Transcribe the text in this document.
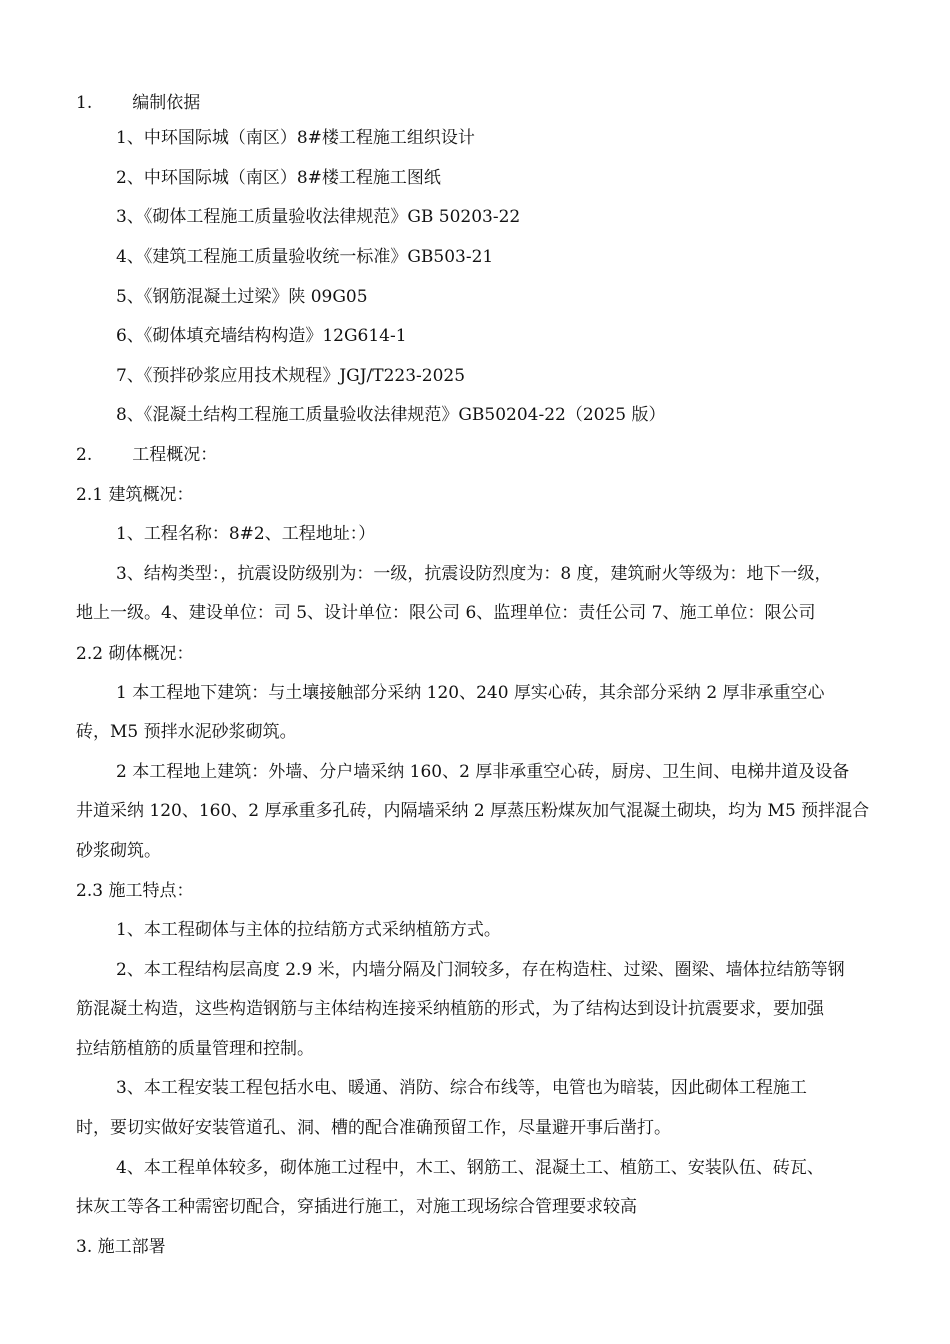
1. 编制依据
1、中环国际城（南区）8#楼工程施工组织设计
2、中环国际城（南区）8#楼工程施工图纸
3、《砌体工程施工质量验收法律规范》GB 50203-22
4、《建筑工程施工质量验收统一标准》GB503-21
5、《钢筋混凝土过梁》陕 09G05
6、《砌体填充墙结构构造》12G614-1
7、《预拌砂浆应用技术规程》JGJ/T223-2025
8、《混凝土结构工程施工质量验收法律规范》GB50204-22（2025 版）
2. 工程概况：
2.1 建筑概况：
1、工程名称：8#2、工程地址：）
3、结构类型：，抗震设防级别为：一级，抗震设防烈度为：8 度，建筑耐火等级为：地下一级，
地上一级。4、建设单位：司 5、设计单位：限公司 6、监理单位：责任公司 7、施工单位：限公司
2.2 砌体概况：
1 本工程地下建筑：与土壤接触部分采纳 120、240 厚实心砖，其余部分采纳 2 厚非承重空心
砖，M5 预拌水泥砂浆砌筑。
2 本工程地上建筑：外墙、分户墙采纳 160、2 厚非承重空心砖，厨房、卫生间、电梯井道及设备
井道采纳 120、160、2 厚承重多孔砖，内隔墙采纳 2 厚蒸压粉煤灰加气混凝土砌块，均为 M5 预拌混合
砂浆砌筑。
2.3 施工特点：
1、本工程砌体与主体的拉结筋方式采纳植筋方式。
2、本工程结构层高度 2.9 米，内墙分隔及门洞较多，存在构造柱、过梁、圈梁、墙体拉结筋等钢
筋混凝土构造，这些构造钢筋与主体结构连接采纳植筋的形式，为了结构达到设计抗震要求，要加强
拉结筋植筋的质量管理和控制。
3、本工程安装工程包括水电、暖通、消防、综合布线等，电管也为暗装，因此砌体工程施工
时，要切实做好安装管道孔、洞、槽的配合准确预留工作，尽量避开事后凿打。
4、本工程单体较多，砌体施工过程中，木工、钢筋工、混凝土工、植筋工、安装队伍、砖瓦、
抹灰工等各工种需密切配合，穿插进行施工，对施工现场综合管理要求较高
3. 施工部署
